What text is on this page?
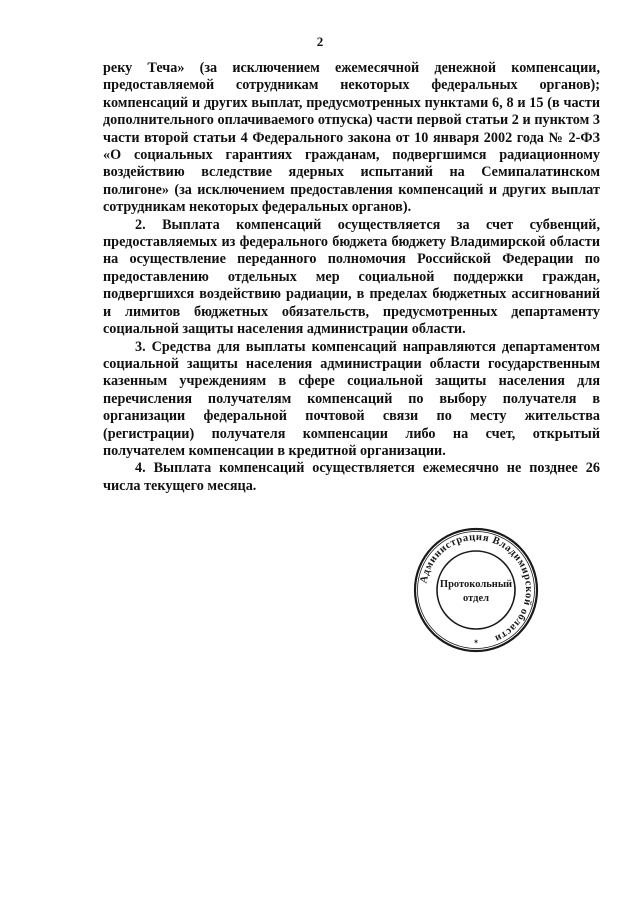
2

реку Теча» (за исключением ежемесячной денежной компенсации, предоставляемой сотрудникам некоторых федеральных органов); компенсаций и других выплат, предусмотренных пунктами 6, 8 и 15 (в части дополнительного оплачиваемого отпуска) части первой статьи 2 и пунктом 3 части второй статьи 4 Федерального закона от 10 января 2002 года № 2-ФЗ «О социальных гарантиях гражданам, подвергшимся радиационному воздействию вследствие ядерных испытаний на Семипалатинском полигоне» (за исключением предоставления компенсаций и других выплат сотрудникам некоторых федеральных органов).

2. Выплата компенсаций осуществляется за счет субвенций, предоставляемых из федерального бюджета бюджету Владимирской области на осуществление переданного полномочия Российской Федерации по предоставлению отдельных мер социальной поддержки граждан, подвергшихся воздействию радиации, в пределах бюджетных ассигнований и лимитов бюджетных обязательств, предусмотренных департаменту социальной защиты населения администрации области.

3. Средства для выплаты компенсаций направляются департаментом социальной защиты населения администрации области государственным казенным учреждениям в сфере социальной защиты населения для перечисления получателям компенсаций по выбору получателя в организации федеральной почтовой связи по месту жительства (регистрации) получателя компенсации либо на счет, открытый получателем компенсации в кредитной организации.

4. Выплата компенсаций осуществляется ежемесячно не позднее 26 числа текущего месяца.

Администрация Владимирской области
Протокольный
отдел
✶
